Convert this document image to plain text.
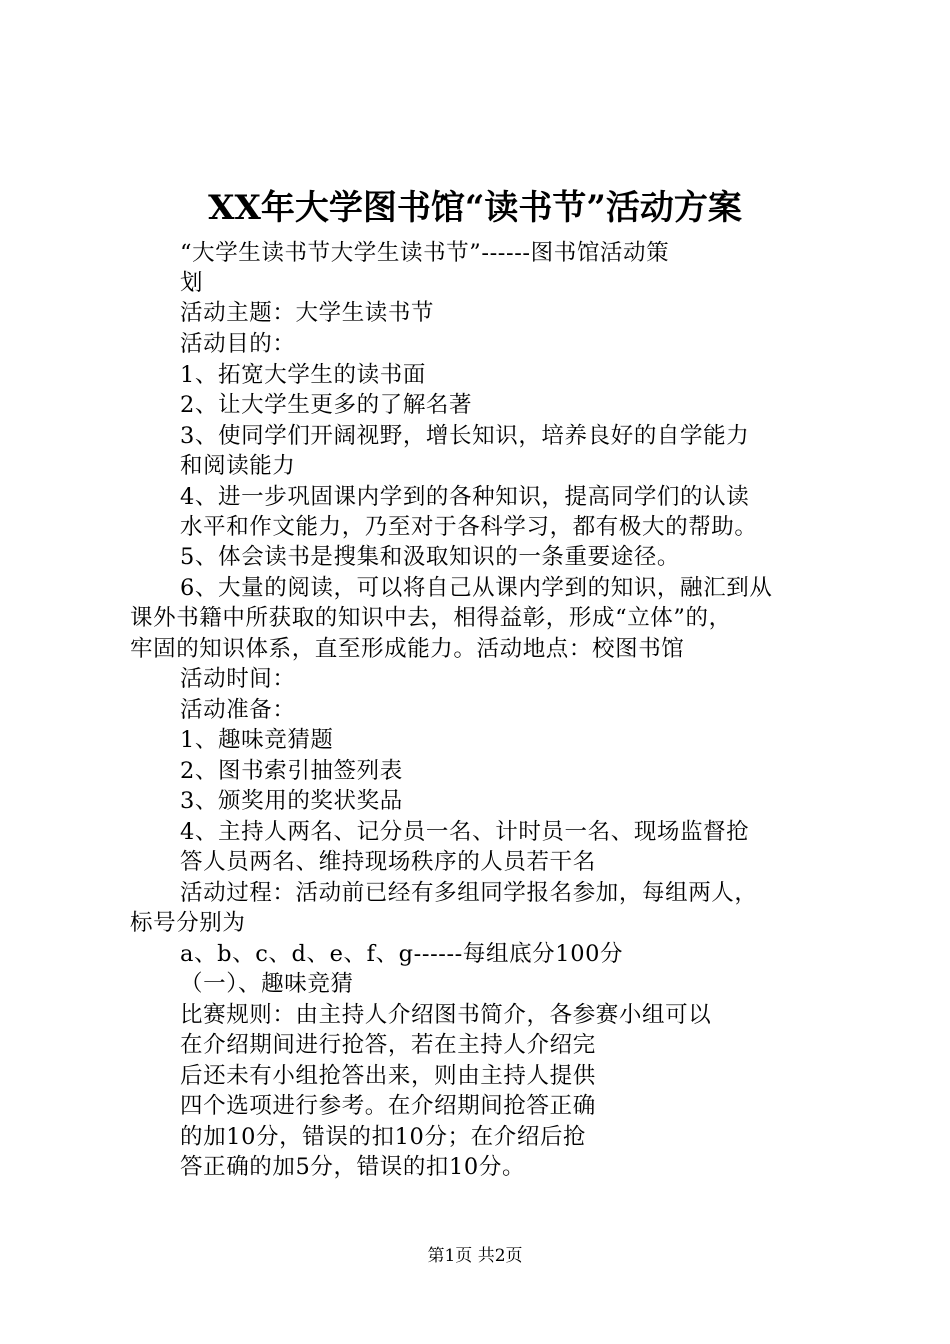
XX年大学图书馆“读书节”活动方案
“大学生读书节大学生读书节”------图书馆活动策
划
活动主题：大学生读书节
活动目的：
1、拓宽大学生的读书面
2、让大学生更多的了解名著
3、使同学们开阔视野，增长知识，培养良好的自学能力
和阅读能力
4、进一步巩固课内学到的各种知识，提高同学们的认读
水平和作文能力，乃至对于各科学习，都有极大的帮助。
5、体会读书是搜集和汲取知识的一条重要途径。
6、大量的阅读，可以将自己从课内学到的知识，融汇到从
课外书籍中所获取的知识中去，相得益彰，形成“立体”的，
牢固的知识体系，直至形成能力。活动地点：校图书馆
活动时间：
活动准备：
1、趣味竞猜题
2、图书索引抽签列表
3、颁奖用的奖状奖品
4、主持人两名、记分员一名、计时员一名、现场监督抢
答人员两名、维持现场秩序的人员若干名
活动过程：活动前已经有多组同学报名参加，每组两人，
标号分别为
a、b、c、d、e、f、g------每组底分100分
（一）、趣味竞猜
比赛规则：由主持人介绍图书简介，各参赛小组可以
在介绍期间进行抢答，若在主持人介绍完
后还未有小组抢答出来，则由主持人提供
四个选项进行参考。在介绍期间抢答正确
的加10分，错误的扣10分；在介绍后抢
答正确的加5分，错误的扣10分。
第1页 共2页
